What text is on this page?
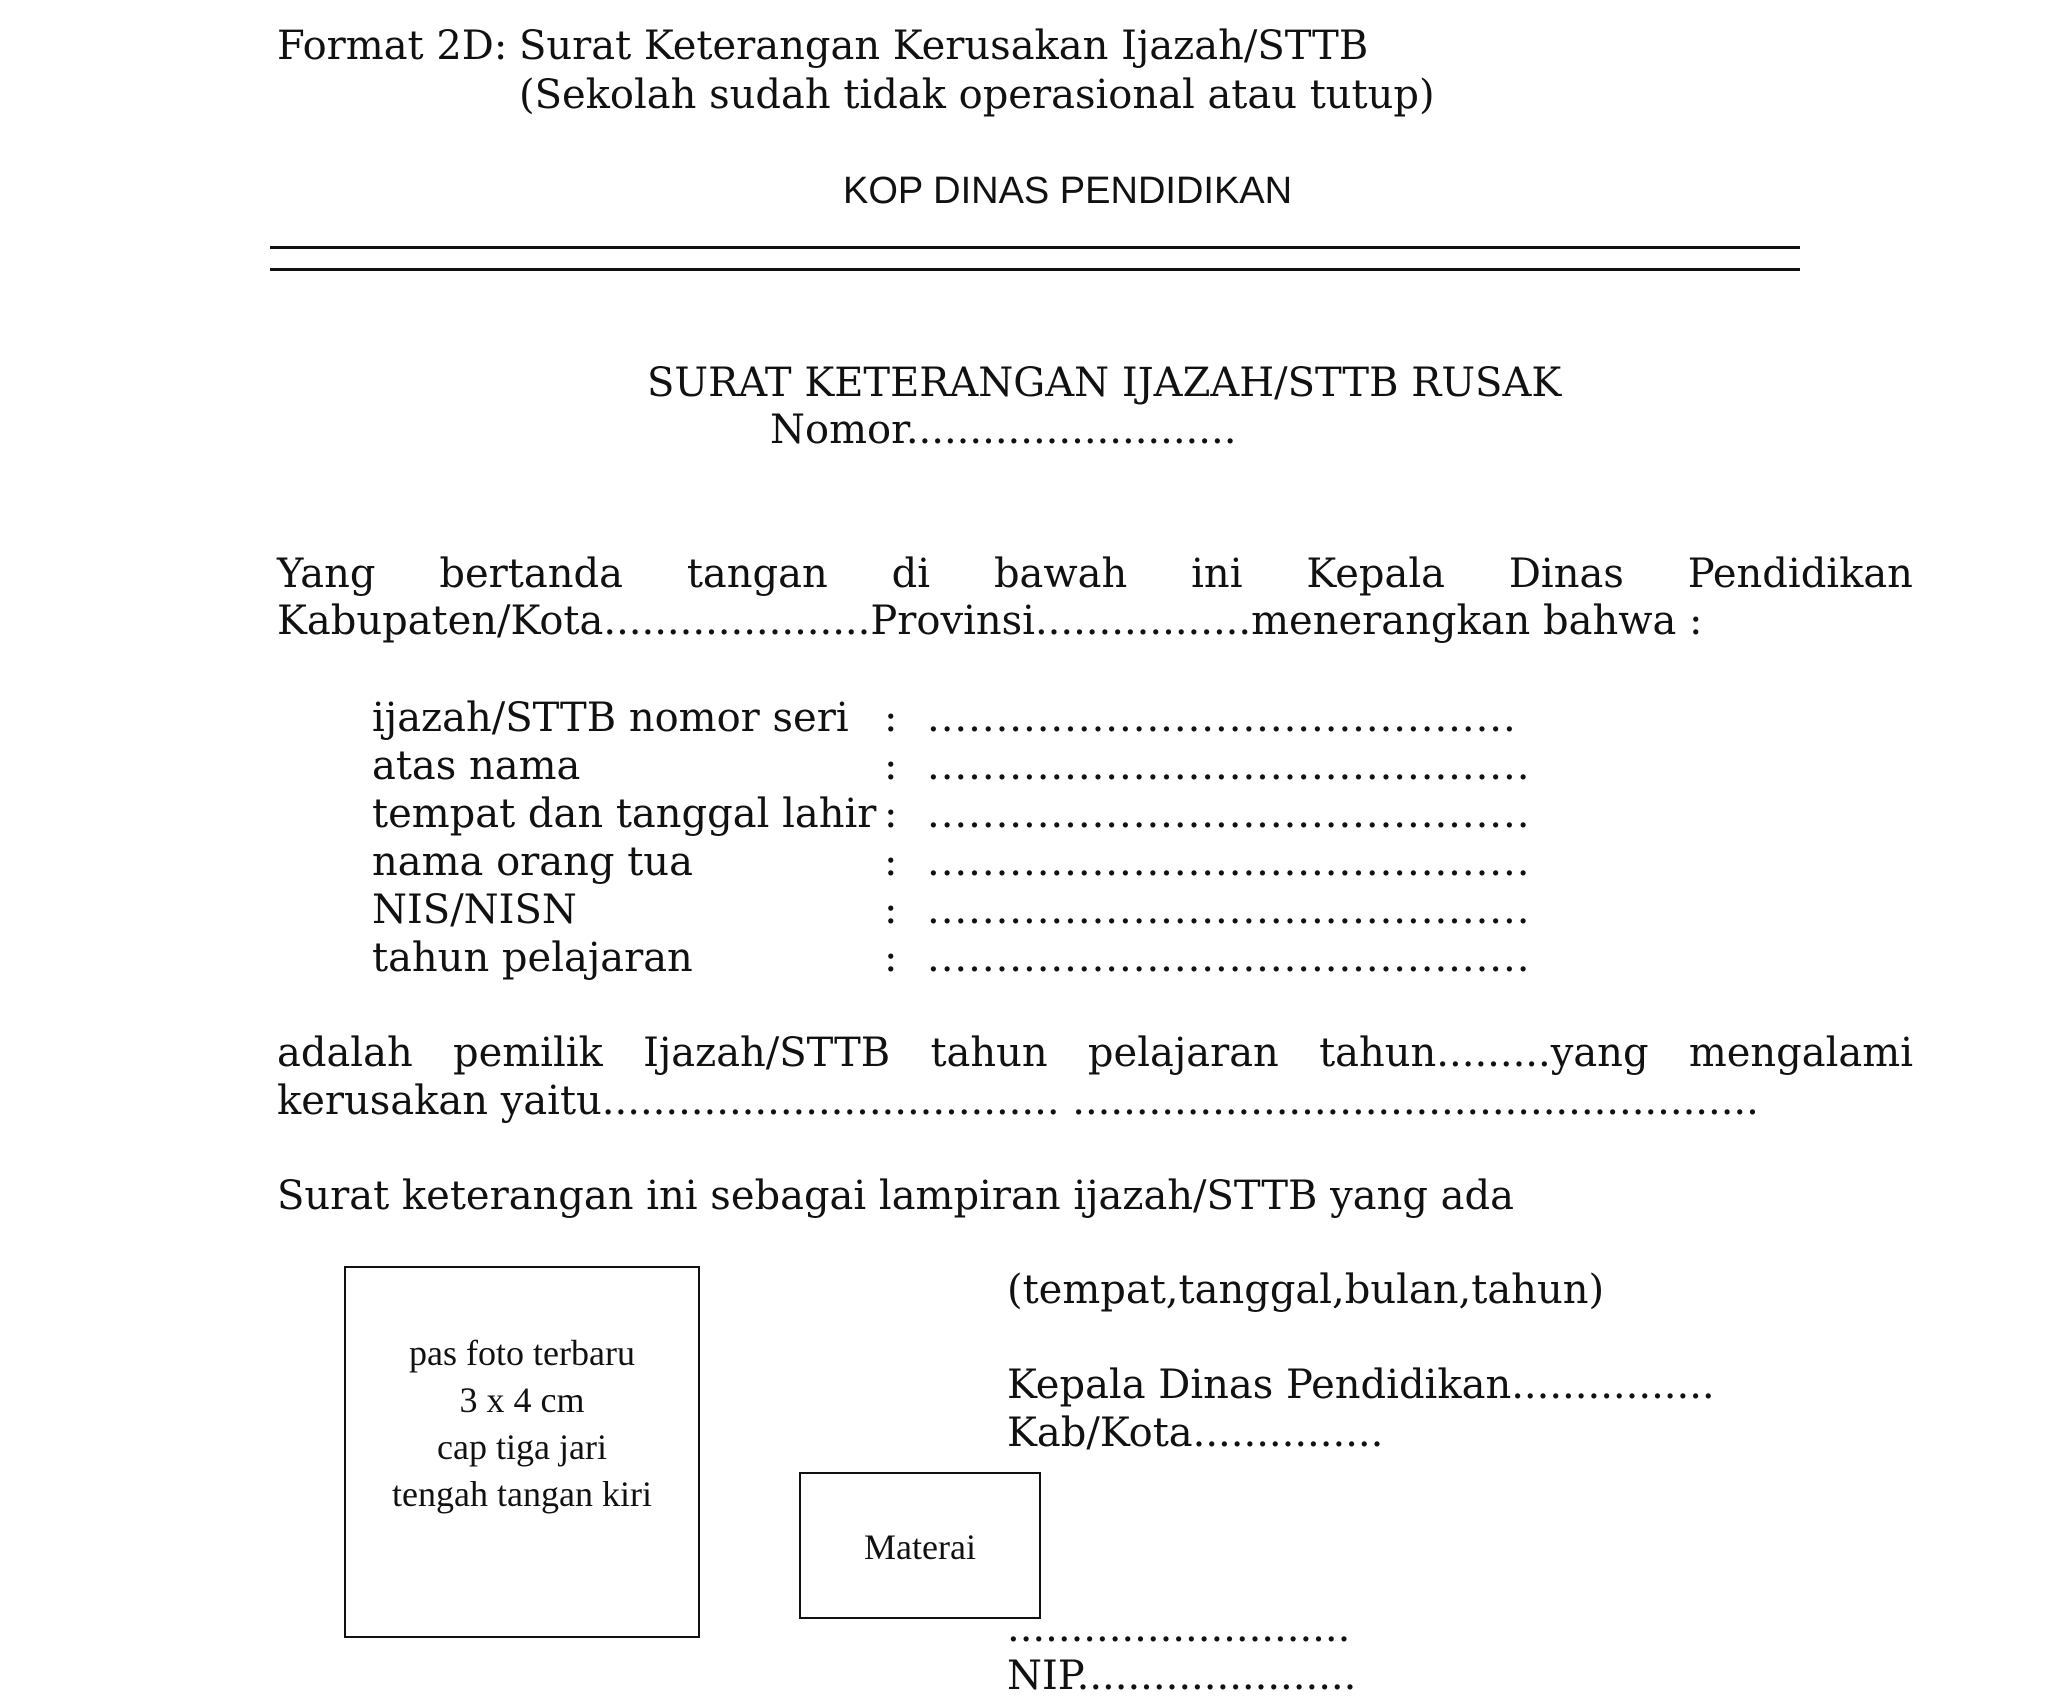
Format 2D: Surat Keterangan Kerusakan Ijazah/STTB
(Sekolah sudah tidak operasional atau tutup)
KOP DINAS PENDIDIKAN
SURAT KETERANGAN IJAZAH/STTB RUSAK
Nomor..........................
Yang bertanda tangan di bawah ini Kepala Dinas Pendidikan
Kabupaten/Kota.....................Provinsi.................menerangkan bahwa :
ijazah/STTB nomor seri : ...........................................
atas nama	: ............................................
tempat dan tanggal lahir : ............................................
nama orang tua	: ............................................
NIS/NISN	: ............................................
tahun pelajaran	: ............................................
adalah pemilik Ijazah/STTB tahun pelajaran tahun.........yang mengalami
kerusakan yaitu.................................... ......................................................
Surat keterangan ini sebagai lampiran ijazah/STTB yang ada
pas foto terbaru
3 x 4 cm
cap tiga jari
tengah tangan kiri
Materai
(tempat,tanggal,bulan,tahun)
Kepala Dinas Pendidikan................
Kab/Kota...............
...........................
NIP......................
